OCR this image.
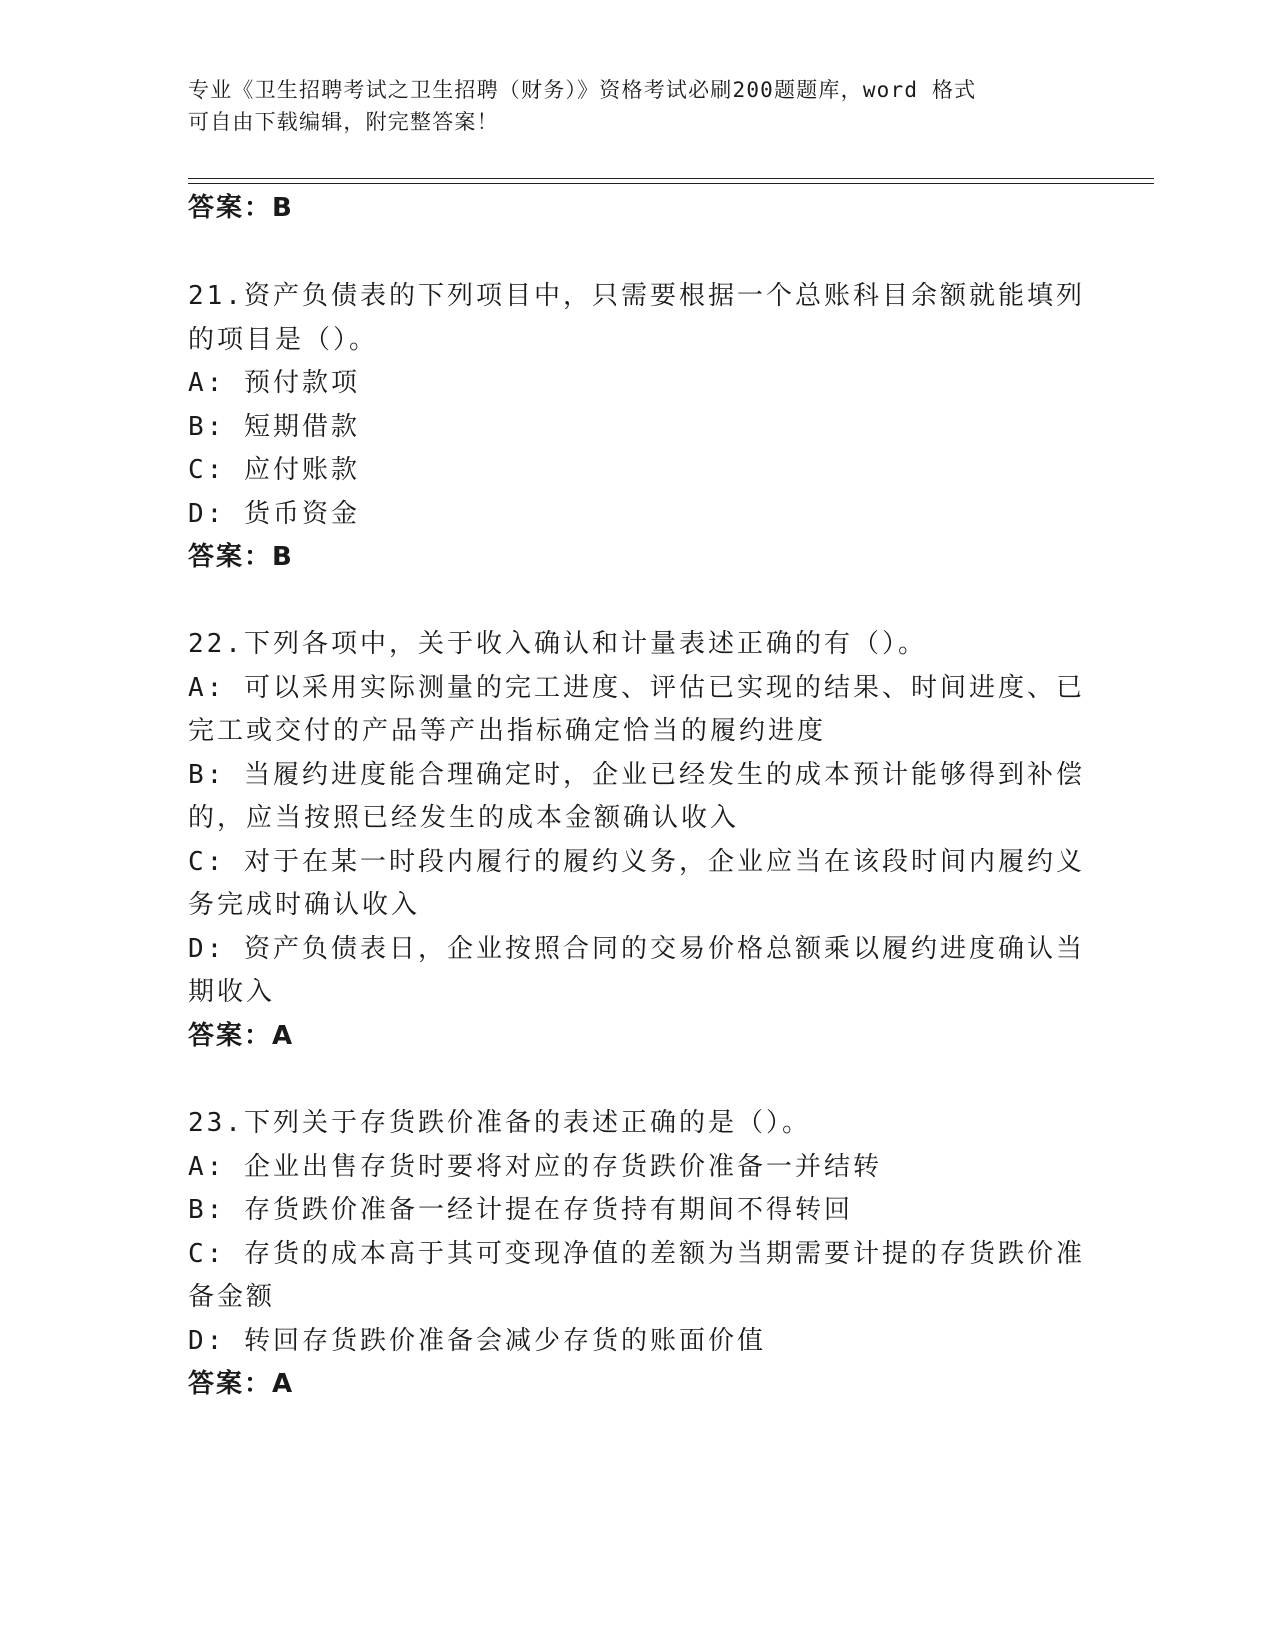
专业《卫生招聘考试之卫生招聘（财务）》资格考试必刷200题题库，word 格式
可自由下载编辑，附完整答案！
答案：B
21.资产负债表的下列项目中，只需要根据一个总账科目余额就能填列
的项目是（）。
A: 预付款项
B: 短期借款
C: 应付账款
D: 货币资金
答案：B
22.下列各项中，关于收入确认和计量表述正确的有（）。
A: 可以采用实际测量的完工进度、评估已实现的结果、时间进度、已
完工或交付的产品等产出指标确定恰当的履约进度
B: 当履约进度能合理确定时，企业已经发生的成本预计能够得到补偿
的，应当按照已经发生的成本金额确认收入
C: 对于在某一时段内履行的履约义务，企业应当在该段时间内履约义
务完成时确认收入
D: 资产负债表日，企业按照合同的交易价格总额乘以履约进度确认当
期收入
答案：A
23.下列关于存货跌价准备的表述正确的是（）。
A: 企业出售存货时要将对应的存货跌价准备一并结转
B: 存货跌价准备一经计提在存货持有期间不得转回
C: 存货的成本高于其可变现净值的差额为当期需要计提的存货跌价准
备金额
D: 转回存货跌价准备会减少存货的账面价值
答案：A
